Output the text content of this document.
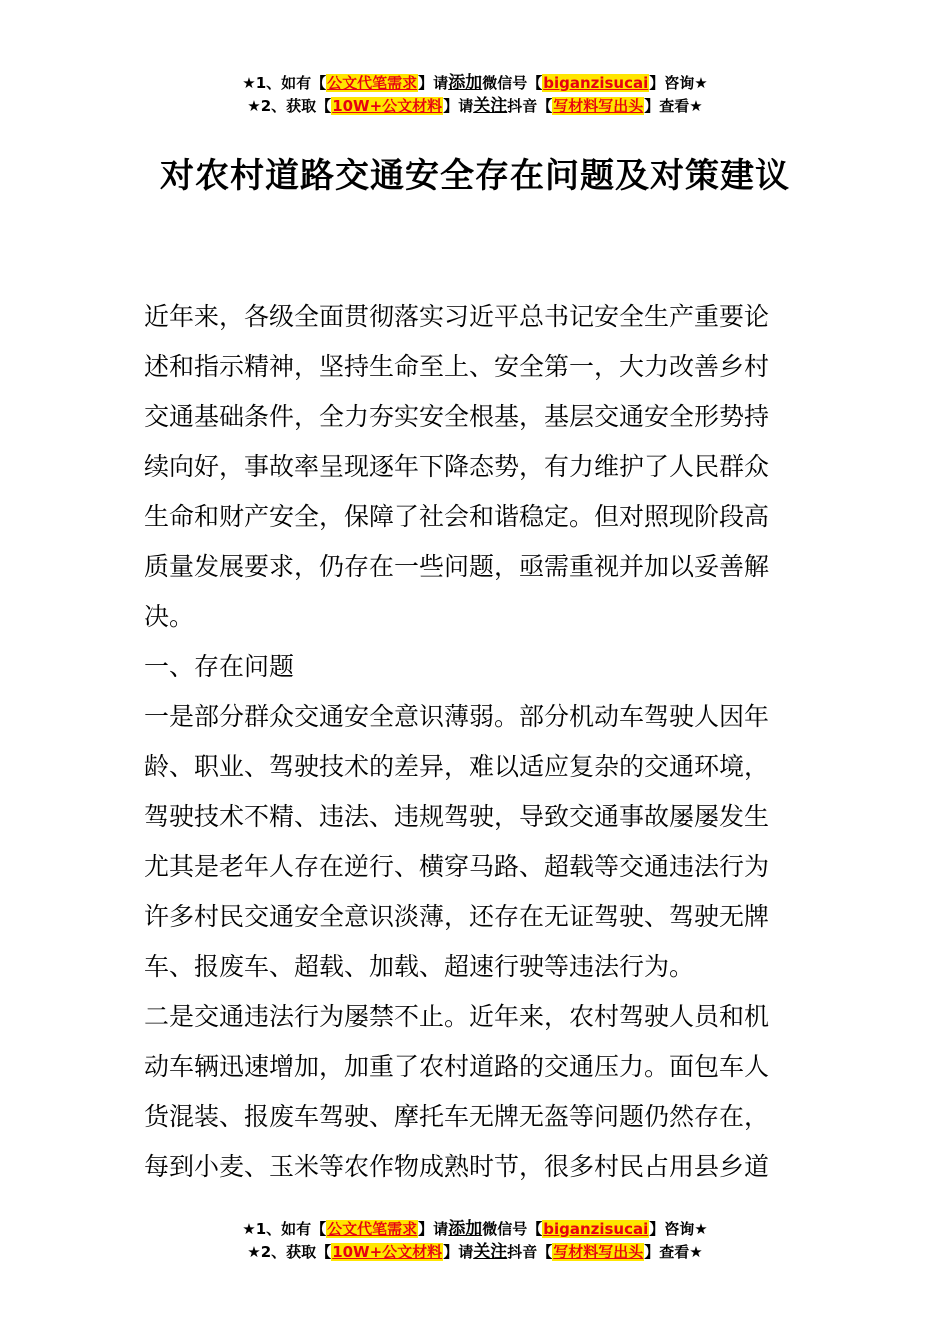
★1、如有【公文代笔需求】请添加微信号【biganzisucai】咨询★
★2、获取【10W+公文材料】请关注抖音【写材料写出头】查看★
对农村道路交通安全存在问题及对策建议
近年来，各级全面贯彻落实习近平总书记安全生产重要论
述和指示精神，坚持生命至上、安全第一，大力改善乡村
交通基础条件，全力夯实安全根基，基层交通安全形势持
续向好，事故率呈现逐年下降态势，有力维护了人民群众
生命和财产安全，保障了社会和谐稳定。但对照现阶段高
质量发展要求，仍存在一些问题，亟需重视并加以妥善解
决。
一、存在问题
一是部分群众交通安全意识薄弱。部分机动车驾驶人因年
龄、职业、驾驶技术的差异，难以适应复杂的交通环境，
驾驶技术不精、违法、违规驾驶，导致交通事故屡屡发生
尤其是老年人存在逆行、横穿马路、超载等交通违法行为
许多村民交通安全意识淡薄，还存在无证驾驶、驾驶无牌
车、报废车、超载、加载、超速行驶等违法行为。
二是交通违法行为屡禁不止。近年来，农村驾驶人员和机
动车辆迅速增加，加重了农村道路的交通压力。面包车人
货混装、报废车驾驶、摩托车无牌无盔等问题仍然存在，
每到小麦、玉米等农作物成熟时节，很多村民占用县乡道
★1、如有【公文代笔需求】请添加微信号【biganzisucai】咨询★
★2、获取【10W+公文材料】请关注抖音【写材料写出头】查看★
